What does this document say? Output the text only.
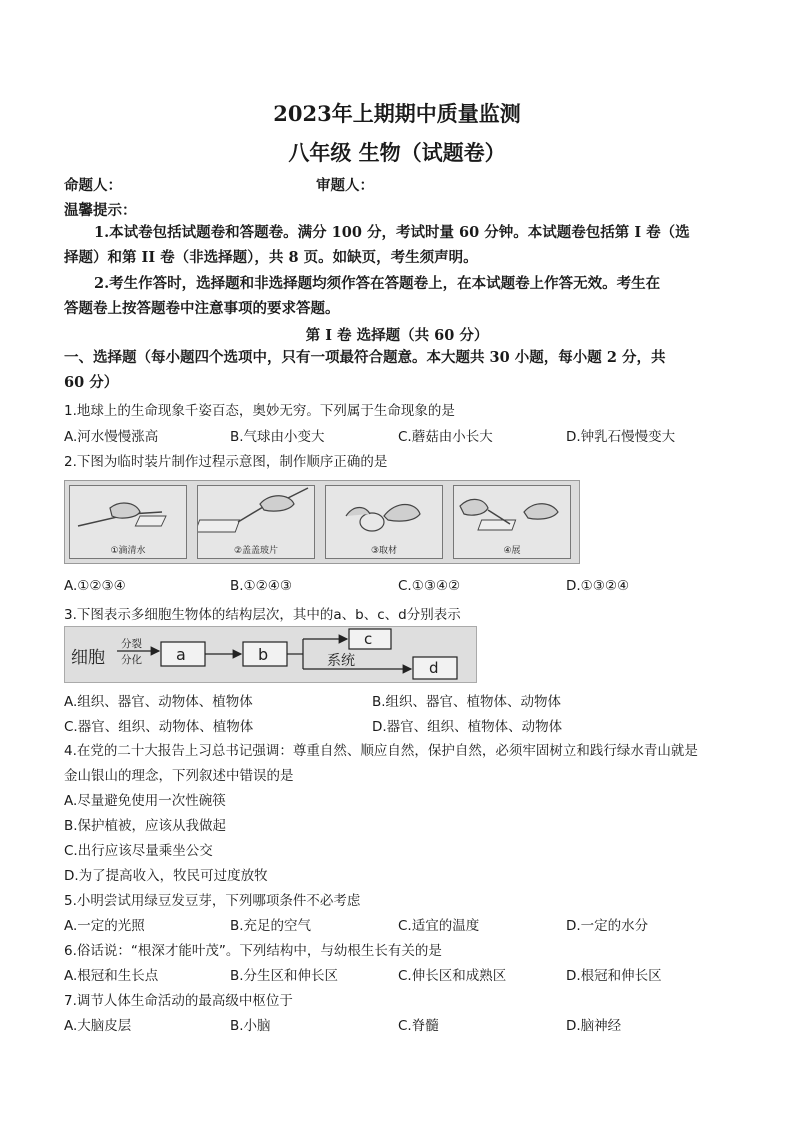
2023年上期期中质量监测
八年级 生物（试题卷）
命题人：	审题人：
温馨提示：
1.本试卷包括试题卷和答题卷。满分 100 分，考试时量 60 分钟。本试题卷包括第 I 卷（选
择题）和第 II 卷（非选择题），共 8 页。如缺页，考生须声明。
2.考生作答时，选择题和非选择题均须作答在答题卷上，在本试题卷上作答无效。考生在
答题卷上按答题卷中注意事项的要求答题。
第 I 卷 选择题（共 60 分）
一、选择题（每小题四个选项中，只有一项最符合题意。本大题共 30 小题，每小题 2 分，共
60 分）
1.地球上的生命现象千姿百态，奥妙无穷。下列属于生命现象的是
A.河水慢慢涨高	B.气球由小变大	C.蘑菇由小长大	D.钟乳石慢慢变大
2.下图为临时装片制作过程示意图，制作顺序正确的是
①滴清水	②盖盖玻片	③取材	④展
A.①②③④	B.①②④③	C.①③④②	D.①③②④
3.下图表示多细胞生物体的结构层次，其中的a、b、c、d分别表示
细胞
分裂
分化 a	b
c
系统	d
A.组织、器官、动物体、植物体	B.组织、器官、植物体、动物体
C.器官、组织、动物体、植物体	D.器官、组织、植物体、动物体
4.在党的二十大报告上习总书记强调：尊重自然、顺应自然，保护自然，必须牢固树立和践行绿水青山就是
金山银山的理念，下列叙述中错误的是
A.尽量避免使用一次性碗筷
B.保护植被，应该从我做起
C.出行应该尽量乘坐公交
D.为了提高收入，牧民可过度放牧
5.小明尝试用绿豆发豆芽，下列哪项条件不必考虑
A.一定的光照	B.充足的空气	C.适宜的温度	D.一定的水分
6.俗话说：“根深才能叶茂”。下列结构中，与幼根生长有关的是
A.根冠和生长点	B.分生区和伸长区	C.伸长区和成熟区	D.根冠和伸长区
7.调节人体生命活动的最高级中枢位于
A.大脑皮层	B.小脑	C.脊髓	D.脑神经
